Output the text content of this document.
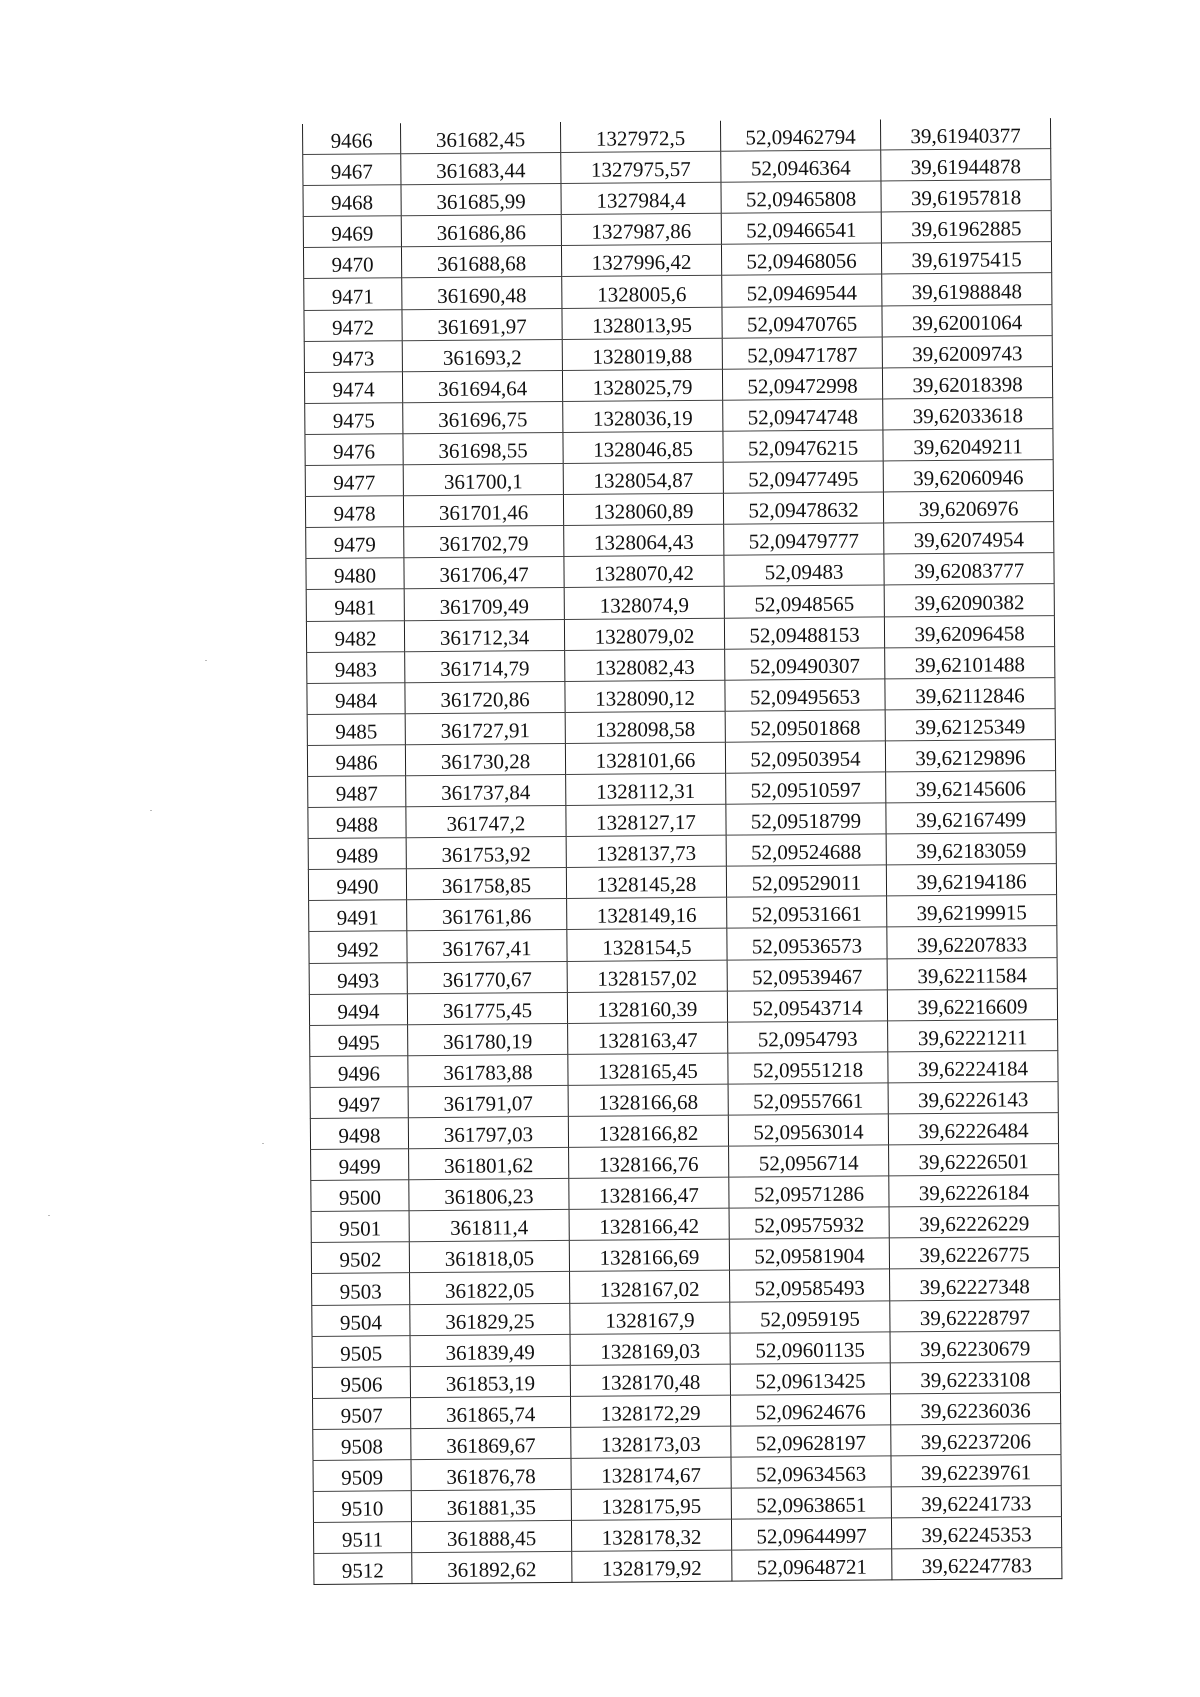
9466	361682,45	1327972,5	52,09462794	39,61940377
9467	361683,44	1327975,57	52,0946364	39,61944878
9468	361685,99	1327984,4	52,09465808	39,61957818
9469	361686,86	1327987,86	52,09466541	39,61962885
9470	361688,68	1327996,42	52,09468056	39,61975415
9471	361690,48	1328005,6	52,09469544	39,61988848
9472	361691,97	1328013,95	52,09470765	39,62001064
9473	361693,2	1328019,88	52,09471787	39,62009743
9474	361694,64	1328025,79	52,09472998	39,62018398
9475	361696,75	1328036,19	52,09474748	39,62033618
9476	361698,55	1328046,85	52,09476215	39,62049211
9477	361700,1	1328054,87	52,09477495	39,62060946
9478	361701,46	1328060,89	52,09478632	39,6206976
9479	361702,79	1328064,43	52,09479777	39,62074954
9480	361706,47	1328070,42	52,09483	39,62083777
9481	361709,49	1328074,9	52,0948565	39,62090382
9482	361712,34	1328079,02	52,09488153	39,62096458
9483	361714,79	1328082,43	52,09490307	39,62101488
9484	361720,86	1328090,12	52,09495653	39,62112846
9485	361727,91	1328098,58	52,09501868	39,62125349
9486	361730,28	1328101,66	52,09503954	39,62129896
9487	361737,84	1328112,31	52,09510597	39,62145606
9488	361747,2	1328127,17	52,09518799	39,62167499
9489	361753,92	1328137,73	52,09524688	39,62183059
9490	361758,85	1328145,28	52,09529011	39,62194186
9491	361761,86	1328149,16	52,09531661	39,62199915
9492	361767,41	1328154,5	52,09536573	39,62207833
9493	361770,67	1328157,02	52,09539467	39,62211584
9494	361775,45	1328160,39	52,09543714	39,62216609
9495	361780,19	1328163,47	52,0954793	39,62221211
9496	361783,88	1328165,45	52,09551218	39,62224184
9497	361791,07	1328166,68	52,09557661	39,62226143
9498	361797,03	1328166,82	52,09563014	39,62226484
9499	361801,62	1328166,76	52,0956714	39,62226501
9500	361806,23	1328166,47	52,09571286	39,62226184
9501	361811,4	1328166,42	52,09575932	39,62226229
9502	361818,05	1328166,69	52,09581904	39,62226775
9503	361822,05	1328167,02	52,09585493	39,62227348
9504	361829,25	1328167,9	52,0959195	39,62228797
9505	361839,49	1328169,03	52,09601135	39,62230679
9506	361853,19	1328170,48	52,09613425	39,62233108
9507	361865,74	1328172,29	52,09624676	39,62236036
9508	361869,67	1328173,03	52,09628197	39,62237206
9509	361876,78	1328174,67	52,09634563	39,62239761
9510	361881,35	1328175,95	52,09638651	39,62241733
9511	361888,45	1328178,32	52,09644997	39,62245353
9512	361892,62	1328179,92	52,09648721	39,62247783
